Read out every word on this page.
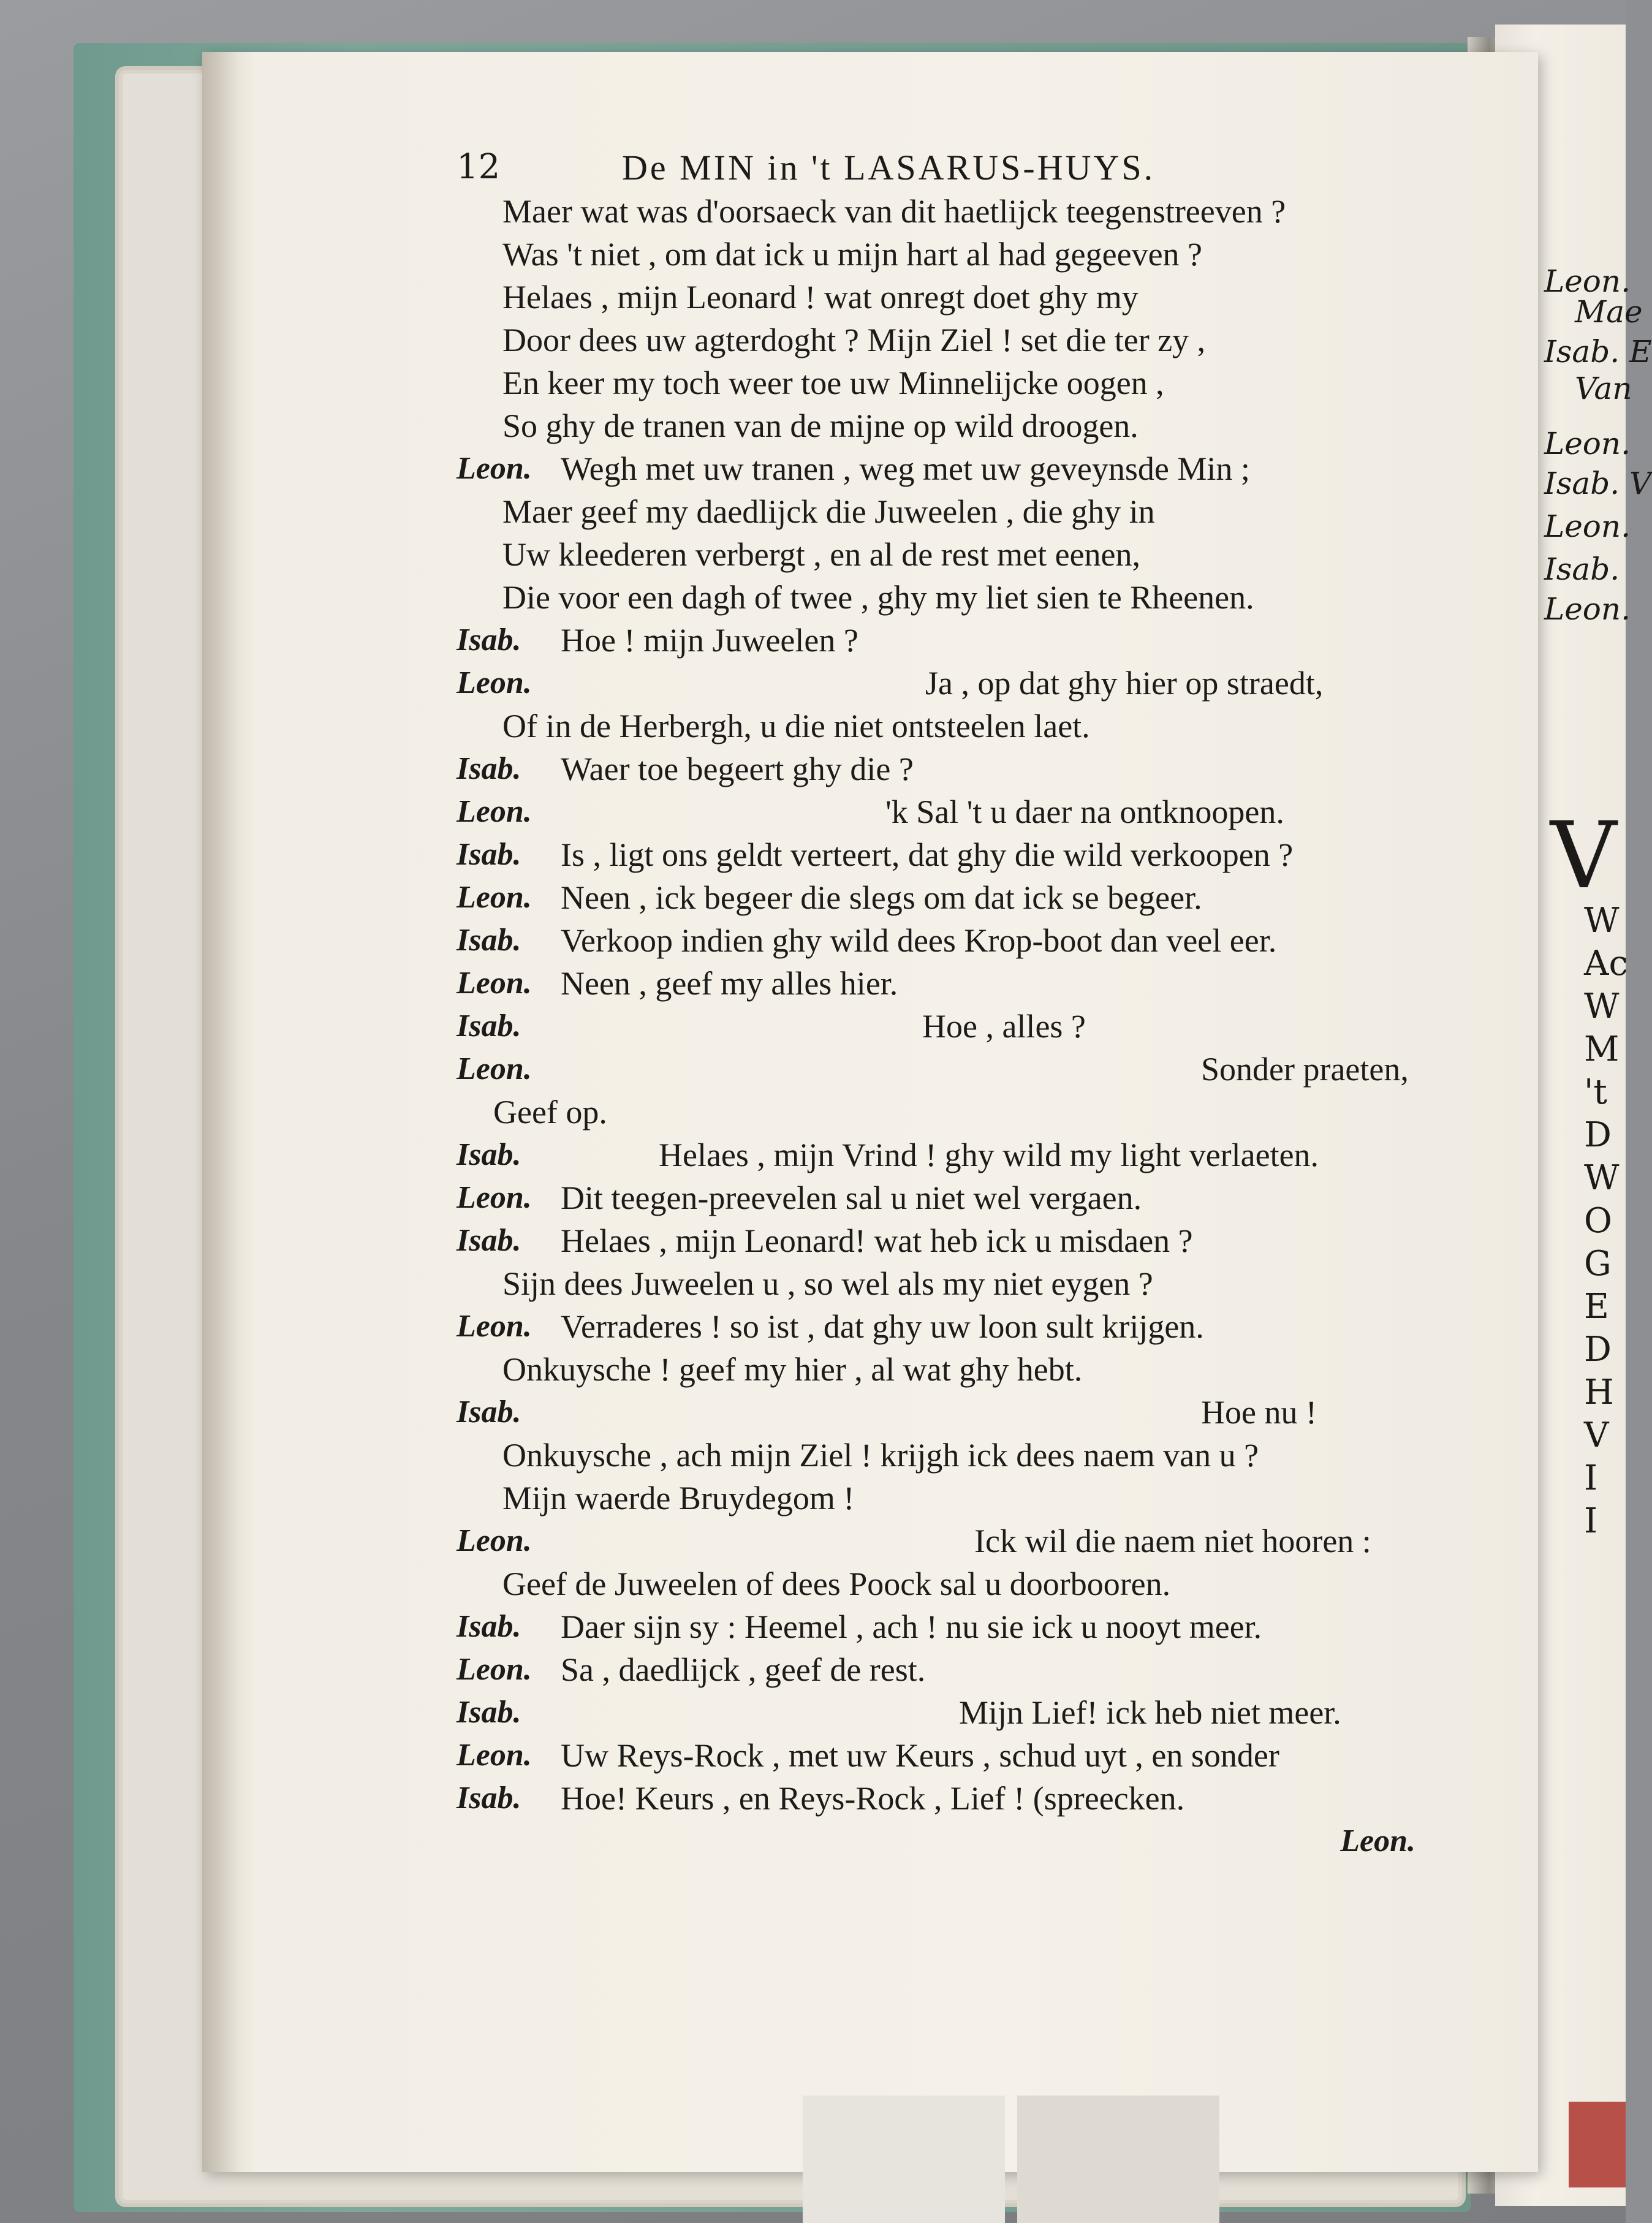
Leon.
Mae
Isab. E
Van
Leon.
Isab. V
Leon.
Isab.
Leon.
V
W
Ac
W
M
't
D
W
O
G
E
D
H
V
I
I
12	De MIN in 't LASARUS-HUYS.
Maer wat was d'oorsaeck van dit haetlijck teegenstreeven ?
Was 't niet , om dat ick u mijn hart al had gegeeven ?
Helaes , mijn Leonard ! wat onregt doet ghy my
Door dees uw agterdoght ? Mijn Ziel ! set die ter zy ,
En keer my toch weer toe uw Minnelijcke oogen ,
So ghy de tranen van de mijne op wild droogen.
Leon. Wegh met uw tranen , weg met uw geveynsde Min ;
Maer geef my daedlijck die Juweelen , die ghy in
Uw kleederen verbergt , en al de rest met eenen,
Die voor een dagh of twee , ghy my liet sien te Rheenen.
Isab. Hoe ! mijn Juweelen ?
Leon.	Ja , op dat ghy hier op straedt,
Of in de Herbergh, u die niet ontsteelen laet.
Isab. Waer toe begeert ghy die ?
Leon.	'k Sal 't u daer na ontknoopen.
Isab. Is , ligt ons geldt verteert, dat ghy die wild verkoopen ?
Leon. Neen , ick begeer die slegs om dat ick se begeer.
Isab. Verkoop indien ghy wild dees Krop-boot dan veel eer.
Leon. Neen , geef my alles hier.
Isab.	Hoe , alles ?
Leon.	Sonder praeten,
Geef op.
Isab.	Helaes , mijn Vrind ! ghy wild my light verlaeten.
Leon. Dit teegen-preevelen sal u niet wel vergaen.
Isab. Helaes , mijn Leonard! wat heb ick u misdaen ?
Sijn dees Juweelen u , so wel als my niet eygen ?
Leon. Verraderes ! so ist , dat ghy uw loon sult krijgen.
Onkuysche ! geef my hier , al wat ghy hebt.
Isab.	Hoe nu !
Onkuysche , ach mijn Ziel ! krijgh ick dees naem van u ?
Mijn waerde Bruydegom !
Leon.	Ick wil die naem niet hooren :
Geef de Juweelen of dees Poock sal u doorbooren.
Isab. Daer sijn sy : Heemel , ach ! nu sie ick u nooyt meer.
Leon. Sa , daedlijck , geef de rest.
Isab.	Mijn Lief! ick heb niet meer.
Leon. Uw Reys-Rock , met uw Keurs , schud uyt , en sonder
Isab. Hoe! Keurs , en Reys-Rock , Lief ! (spreecken.
Leon.
